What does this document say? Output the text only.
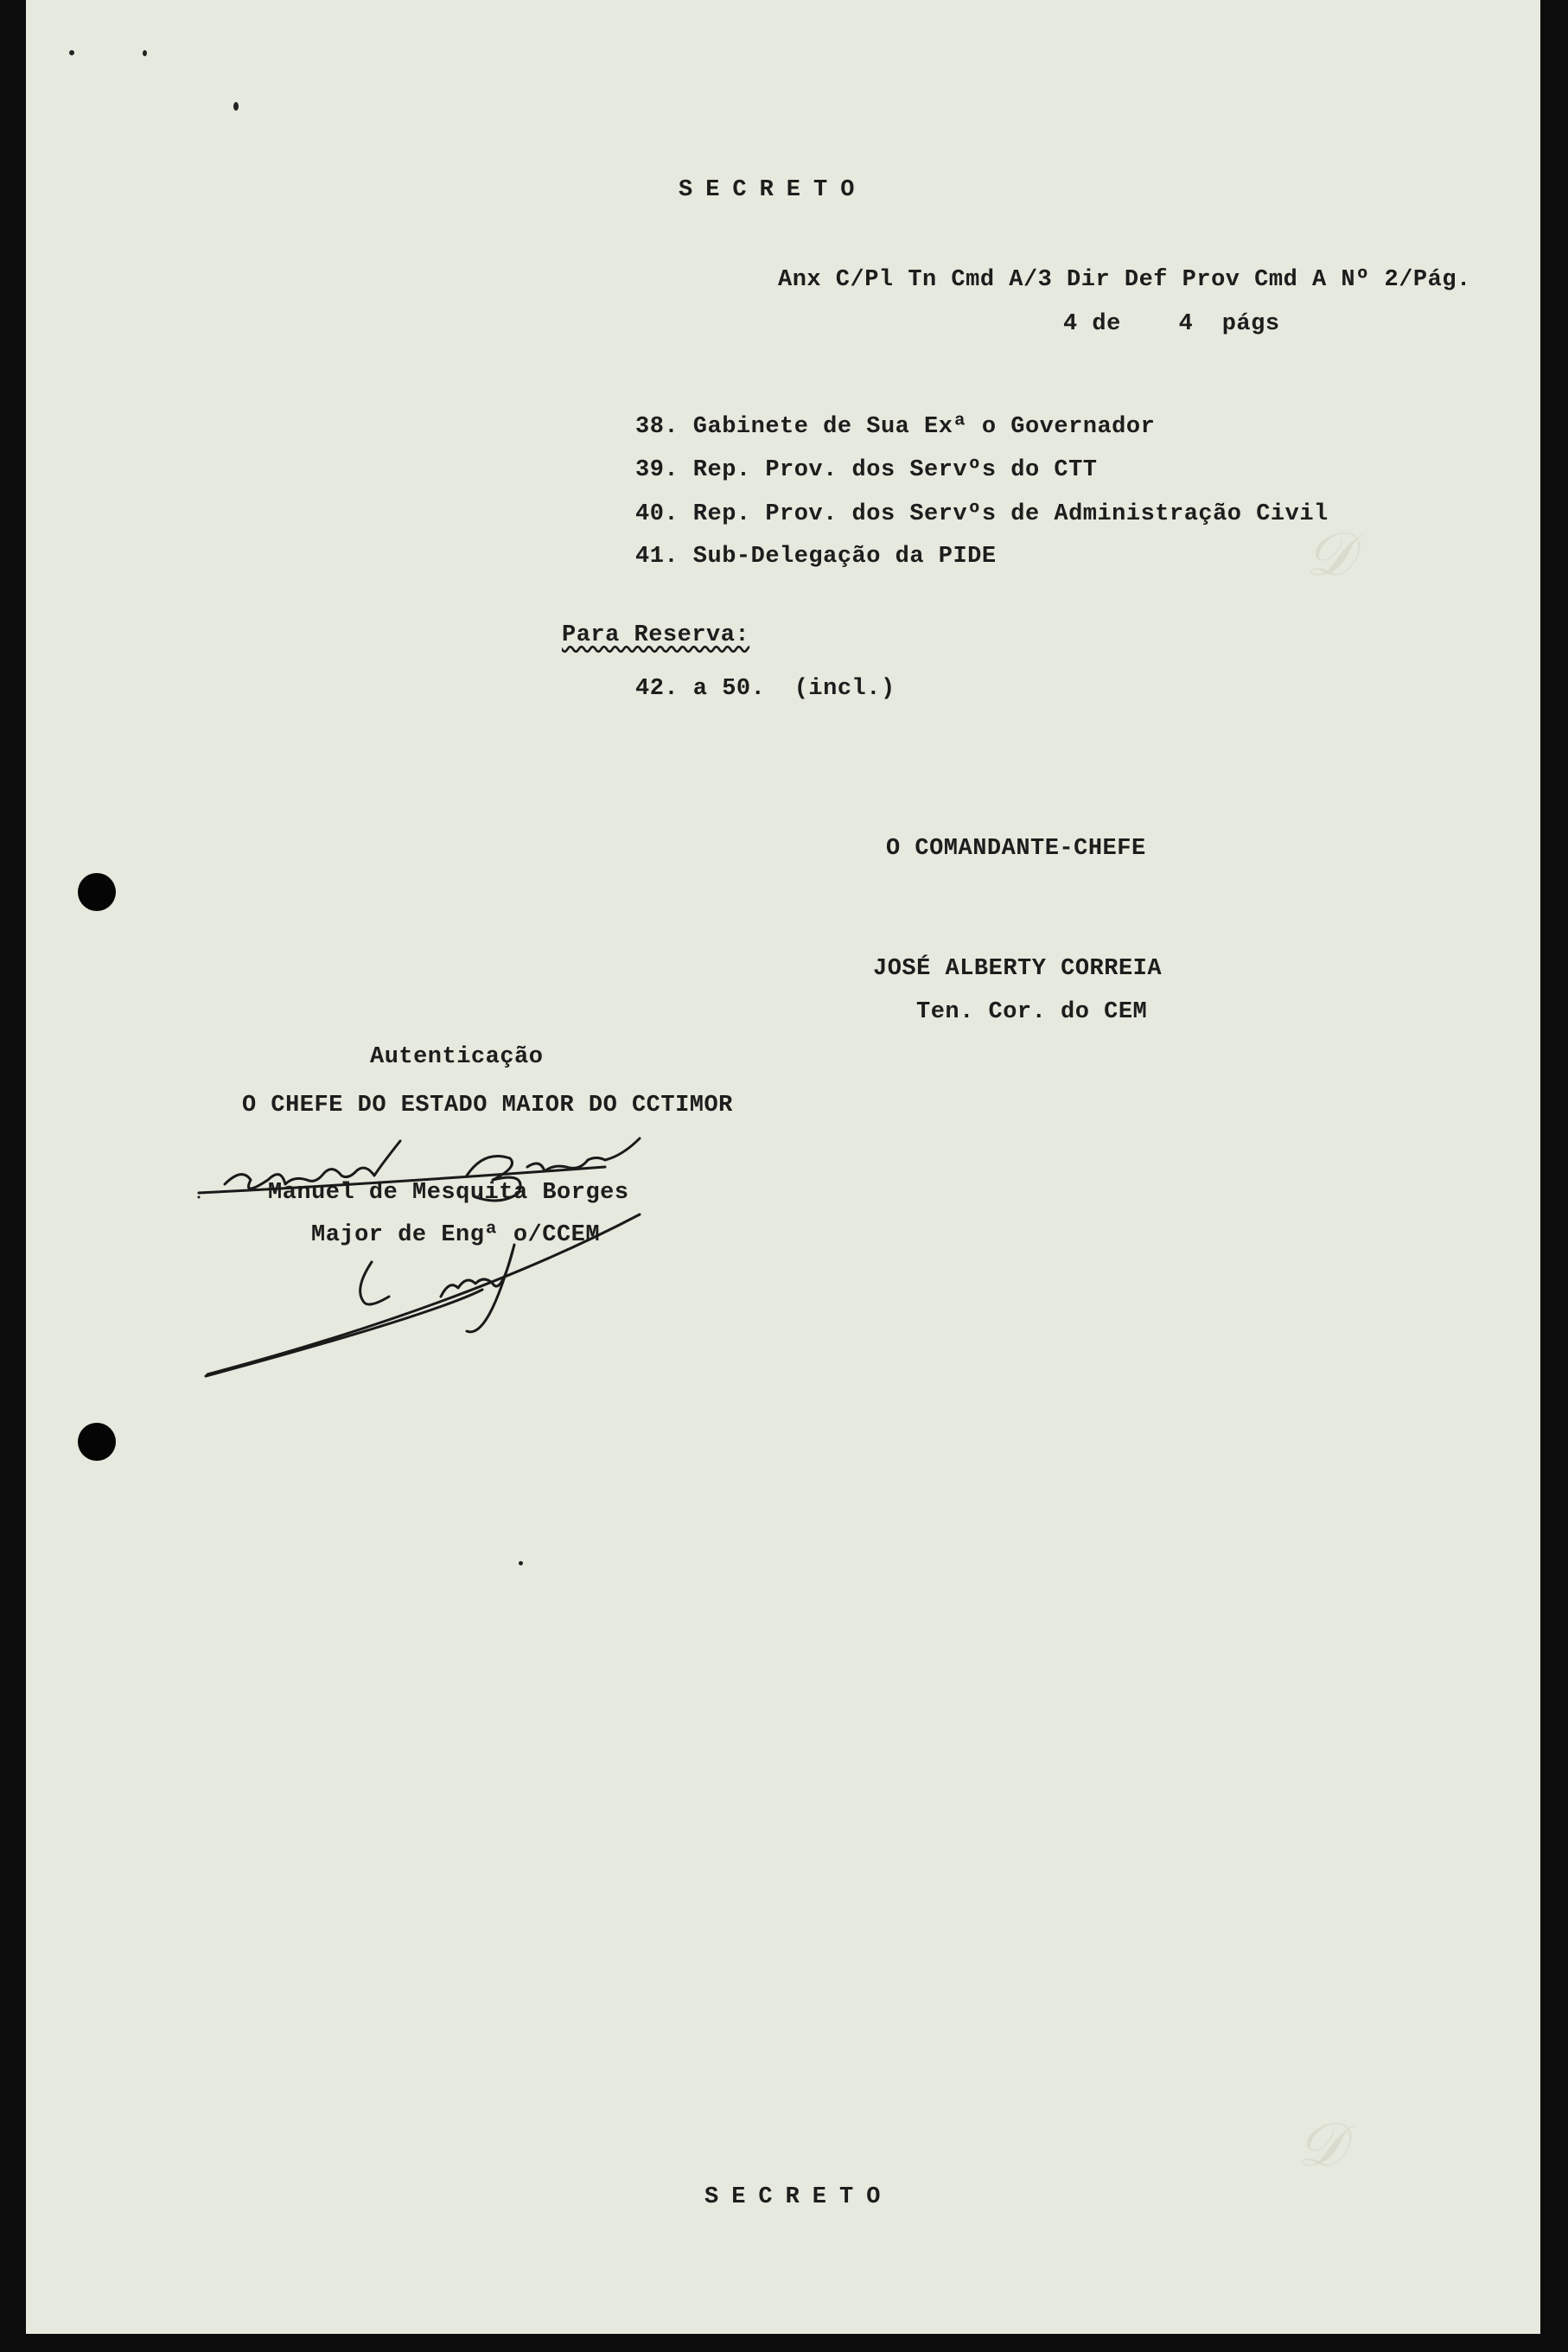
𝒟
𝒟
SECRETO
Anx C/Pl Tn Cmd A/3 Dir Def Prov Cmd A Nº 2/Pág.
4 de    4  págs
38. Gabinete de Sua Exª o Governador
39. Rep. Prov. dos Servºs do CTT
40. Rep. Prov. dos Servºs de Administração Civil
41. Sub-Delegação da PIDE
Para Reserva:
42. a 50.  (incl.)
O COMANDANTE-CHEFE
JOSÉ ALBERTY CORREIA
Ten. Cor. do CEM
Autenticação
O CHEFE DO ESTADO MAIOR DO CCTIMOR
Manuel de Mesquita Borges
Major de Engª o/CCEM
SECRETO
